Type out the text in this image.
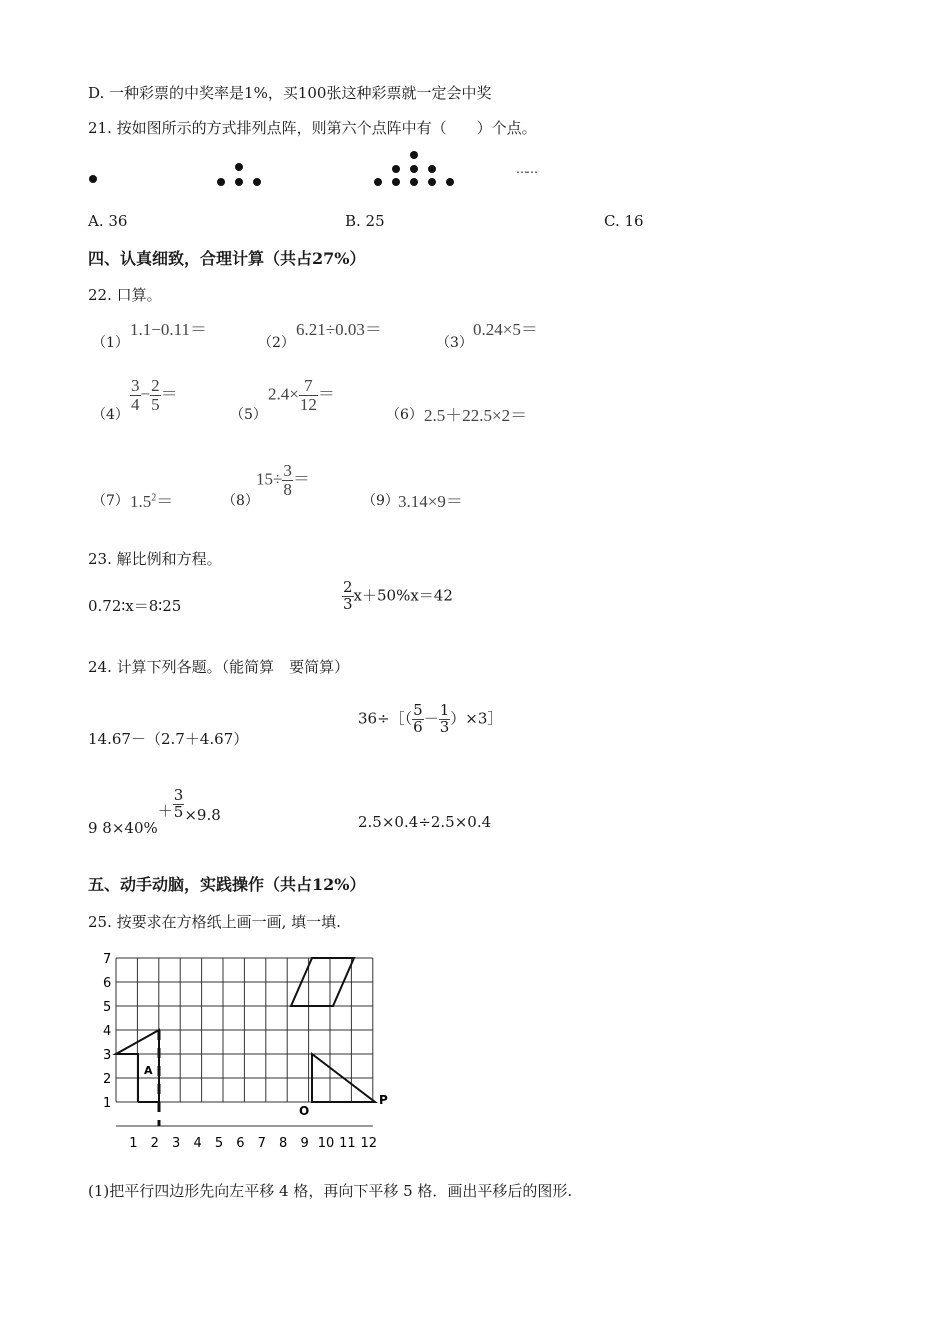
D. 一种彩票的中奖率是1%，买100张这种彩票就一定会中奖
21. 按如图所示的方式排列点阵，则第六个点阵中有（　　）个点。
……
A. 36	B. 25	C. 16
四、认真细致，合理计算（共占27%）
22. 口算。
（1）
1.1−0.11＝
（2）
6.21÷0.03＝
（3）
0.24×5＝
（4）
$\frac{3}{4} - \frac{2}{5}$ ＝
（5）
$2.4\times \frac{7}{12}$ ＝
（6） 2.5＋22.5×2＝
（7） $1.5^2=$	（8）
$15\div \frac{3}{8}$ ＝
（9） 3.14×9＝
23. 解比例和方程。
0.72∶x＝8∶25	$\frac{2}{3} x+50\%x=42$
24. 计算下列各题。（能简算　要简算）
14.67－（2.7＋4.67）
36÷［（ $\frac{5}{6} - \frac{1}{3}$ ）×3］
9 $8\times 40\%+ \frac{3}{5} \times 9.8$	2.5×0.4÷2.5×0.4
五、动手动脑，实践操作（共占12%）
25. 按要求在方格纸上画一画, 填一填.
1 2 3 4 5 6 7 8 9 10 11 12
1
2
3
4
5
6
7
A
O
P
(1)把平行四边形先向左平移 4 格，再向下平移 5 格．画出平移后的图形.
